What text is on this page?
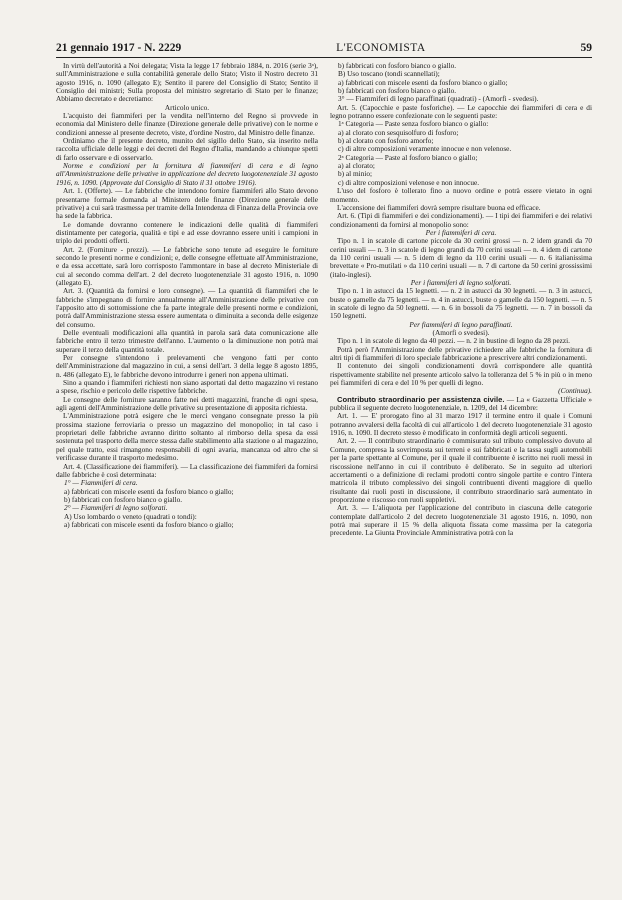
21 gennaio 1917 - N. 2229	L'ECONOMISTA	59

In virtù dell'autorità a Noi delegata; Vista la legge 17 febbraio 1884, n. 2016 (serie 3ᵃ), sull'Amministrazione e sulla contabilità generale dello Stato; Visto il Nostro decreto 31 agosto 1916, n. 1090 (allegato E); Sentito il parere del Consiglio di Stato; Sentito il Consiglio dei ministri; Sulla proposta del ministro segretario di Stato per le finanze; Abbiamo decretato e decretiamo:

Articolo unico.

L'acquisto dei fiammiferi per la vendita nell'interno del Regno si provvede in economia dal Ministero delle finanze (Direzione generale delle privative) con le norme e condizioni annesse al presente decreto, viste, d'ordine Nostro, dal Ministro delle finanze.

Ordiniamo che il presente decreto, munito del sigillo dello Stato, sia inserito nella raccolta ufficiale delle leggi e dei decreti del Regno d'Italia, mandando a chiunque spetti di farlo osservare e di osservarlo.

Norme e condizioni per la fornitura di fiammiferi di cera e di legno all'Amministrazione delle privative in applicazione del decreto luogotenenziale 31 agosto 1916, n. 1090. (Approvate dal Consiglio di Stato il 31 ottobre 1916).

Art. 1. (Offerte). — Le fabbriche che intendono fornire fiammiferi allo Stato devono presentarne formale domanda al Ministero delle finanze (Direzione generale delle privative) a cui sarà trasmessa per tramite della Intendenza di Finanza della Provincia ove ha sede la fabbrica.

Le domande dovranno contenere le indicazioni delle qualità di fiammiferi distintamente per categoria, qualità e tipi e ad esse dovranno essere uniti i campioni in triplo dei prodotti offerti.

Art. 2. (Forniture - prezzi). — Le fabbriche sono tenute ad eseguire le forniture secondo le presenti norme e condizioni; e, delle consegne effettuate all'Amministrazione, e da essa accettate, sarà loro corrisposto l'ammontare in base al decreto Ministeriale di cui al secondo comma dell'art. 2 del decreto luogotenenziale 31 agosto 1916, n. 1090 (allegato E).

Art. 3. (Quantità da fornirsi e loro consegne). — La quantità di fiammiferi che le fabbriche s'impegnano di fornire annualmente all'Amministrazione delle privative con l'apposito atto di sottomissione che fa parte integrale delle presenti norme e condizioni, potrà dall'Amministrazione stessa essere aumentata o diminuita a seconda delle esigenze del consumo.

Delle eventuali modificazioni alla quantità in parola sarà data comunicazione alle fabbriche entro il terzo trimestre dell'anno. L'aumento o la diminuzione non potrà mai superare il terzo della quantità totale.

Per consegne s'intendono i prelevamenti che vengono fatti per conto dell'Amministrazione dal magazzino in cui, a sensi dell'art. 3 della legge 8 agosto 1895, n. 486 (allegato E), le fabbriche devono introdurre i generi non appena ultimati.

Sino a quando i fiammiferi richiesti non siano asportati dal detto magazzino vi restano a spese, rischio e pericolo delle rispettive fabbriche.

Le consegne delle forniture saranno fatte nei detti magazzini, franche di ogni spesa, agli agenti dell'Amministrazione delle privative su presentazione di apposita richiesta.

L'Amministrazione potrà esigere che le merci vengano consegnate presso la più prossima stazione ferroviaria o presso un magazzino del monopolio; in tal caso i proprietari delle fabbriche avranno diritto soltanto al rimborso della spesa da essi sostenuta pel trasporto della merce stessa dalle stabilimento alla stazione o al magazzino, pel quale tratto, essi rimangono responsabili di ogni avaria, mancanza od altro che si verificasse durante il trasporto medesimo.

Art. 4. (Classificazione dei fiammiferi). — La classificazione dei fiammiferi da fornirsi dalle fabbriche è così determinata:

1° — Fiammiferi di cera.

a) fabbricati con miscele esenti da fosforo bianco o giallo;

b) fabbricati con fosforo bianco o giallo.

2° — Fiammiferi di legno solforati.

A) Uso lombardo o veneto (quadrati o tondi):

a) fabbricati con miscele esenti da fosforo bianco o giallo;

b) fabbricati con fosforo bianco o giallo.

B) Uso toscano (tondi scannellati);

a) fabbricati con miscele esenti da fosforo bianco o giallo;

b) fabbricati con fosforo bianco o giallo.

3° — Fiammiferi di legno paraffinati (quadrati) - (Amorfi - svedesi).

Art. 5. (Capocchie e paste fosforiche). — Le capocchie dei fiammiferi di cera e di legno potranno essere confezionate con le seguenti paste:

1ᵃ Categoria — Paste senza fosforo bianco o giallo:

a) al clorato con sesquisolfuro di fosforo;

b) al clorato con fosforo amorfo;

c) di altre composizioni veramente innocue e non velenose.

2ᵃ Categoria — Paste al fosforo bianco o giallo;

a) al clorato;

b) al minio;

c) di altre composizioni velenose e non innocue.

L'uso del fosforo è tollerato fino a nuovo ordine e potrà essere vietato in ogni momento.

L'accensione dei fiammiferi dovrà sempre risultare buona ed efficace.

Art. 6. (Tipi di fiammiferi e dei condizionamenti). — I tipi dei fiammiferi e dei relativi condizionamenti da fornirsi al monopolio sono:

Per i fiammiferi di cera.

Tipo n. 1 in scatole di cartone piccole da 30 cerini grossi — n. 2 idem grandi da 70 cerini usuali — n. 3 in scatole di legno grandi da 70 cerini usuali — n. 4 idem di cartone da 110 cerini usuali — n. 5 idem di legno da 110 cerini usuali — n. 6 italianissima brevettate « Pro-mutilati » da 110 cerini usuali — n. 7 di cartone da 50 cerini grossissimi (italo-inglesi).

Per i fiammiferi di legno solforati.

Tipo n. 1 in astucci da 15 legnetti. — n. 2 in astucci da 30 legnetti. — n. 3 in astucci, buste o gamelle da 75 legnetti. — n. 4 in astucci, buste o gamelle da 150 legnetti. — n. 5 in scatole di legno da 50 legnetti. — n. 6 in bossoli da 75 legnetti. — n. 7 in bossoli da 150 legnetti.

Per fiammiferi di legno paraffinati.

(Amorfi o svedesi).

Tipo n. 1 in scatole di legno da 40 pezzi. — n. 2 in bustine di legno da 28 pezzi.

Potrà però l'Amministrazione delle privative richiedere alle fabbriche la fornitura di altri tipi di fiammiferi di loro speciale fabbricazione a prescrivere altri condizionamenti.

Il contenuto dei singoli condizionamenti dovrà corrispondere alle quantità rispettivamente stabilite nel presente articolo salvo la tolleranza del 5 % in più o in meno pei fiammiferi di cera e del 10 % per quelli di legno.

(Continua).

Contributo straordinario per assistenza civile. — La « Gazzetta Ufficiale » pubblica il seguente decreto luogotenenziale, n. 1209, del 14 dicembre:

Art. 1. — E' prorogato fino al 31 marzo 1917 il termine entro il quale i Comuni potranno avvalersi della facoltà di cui all'articolo 1 del decreto luogotenenziale 31 agosto 1916, n. 1090. Il decreto stesso è modificato in conformità degli articoli seguenti.

Art. 2. — Il contributo straordinario è commisurato sul tributo complessivo dovuto al Comune, compresa la sovrimposta sui terreni e sui fabbricati e la tassa sugli automobili per la parte spettante al Comune, per il quale il contribuente è iscritto nei ruoli messi in riscossione nell'anno in cui il contributo è deliberato. Se in seguito ad ulteriori accertamenti o a definizione di reclami prodotti contro singole partite e contro l'intera matricola il tributo complessivo dei singoli contribuenti diventi maggiore di quello risultante dai ruoli posti in discussione, il contributo straordinario sarà aumentato in proporzione e riscosso con ruoli suppletivi.

Art. 3. — L'aliquota per l'applicazione del contributo in ciascuna delle categorie contemplate dall'articolo 2 del decreto luogotenenziale 31 agosto 1916, n. 1090, non potrà mai superare il 15 % della aliquota fissata come massima per la categoria precedente. La Giunta Provinciale Amministrativa potrà con la
